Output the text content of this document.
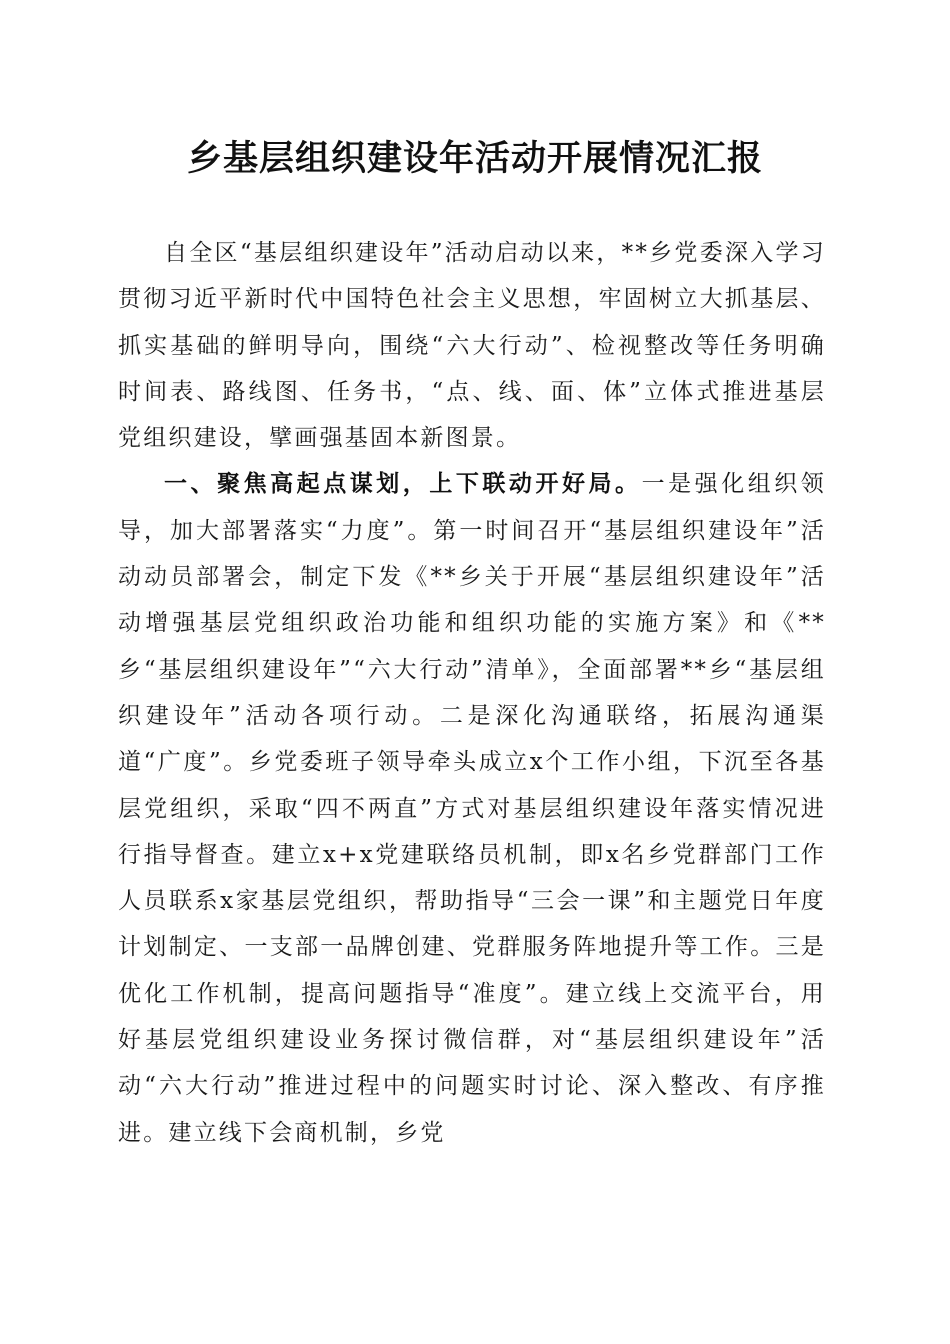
乡基层组织建设年活动开展情况汇报

自全区“基层组织建设年”活动启动以来，**乡党委深入学习贯彻习近平新时代中国特色社会主义思想，牢固树立大抓基层、抓实基础的鲜明导向，围绕“六大行动”、检视整改等任务明确时间表、路线图、任务书，“点、线、面、体”立体式推进基层党组织建设，擘画强基固本新图景。

一、聚焦高起点谋划，上下联动开好局。一是强化组织领导，加大部署落实“力度”。第一时间召开“基层组织建设年”活动动员部署会，制定下发《**乡关于开展“基层组织建设年”活动增强基层党组织政治功能和组织功能的实施方案》和《**乡“基层组织建设年”“六大行动”清单》，全面部署**乡“基层组织建设年”活动各项行动。二是深化沟通联络，拓展沟通渠道“广度”。乡党委班子领导牵头成立x个工作小组，下沉至各基层党组织，采取“四不两直”方式对基层组织建设年落实情况进行指导督查。建立x+x党建联络员机制，即x名乡党群部门工作人员联系x家基层党组织，帮助指导“三会一课”和主题党日年度计划制定、一支部一品牌创建、党群服务阵地提升等工作。三是优化工作机制，提高问题指导“准度”。建立线上交流平台，用好基层党组织建设业务探讨微信群，对“基层组织建设年”活动“六大行动”推进过程中的问题实时讨论、深入整改、有序推进。建立线下会商机制，乡党
